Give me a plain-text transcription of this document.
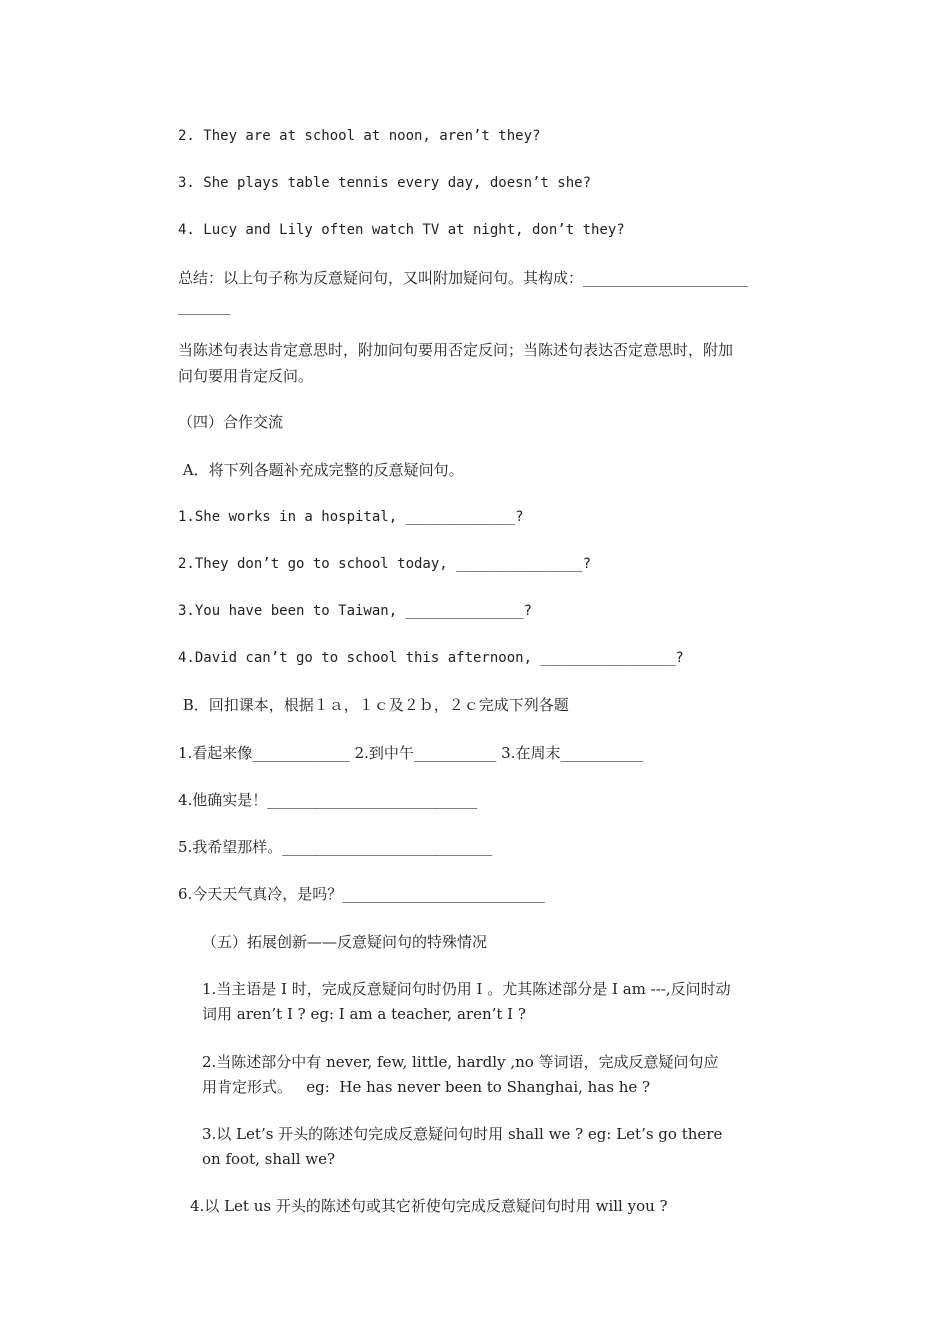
2. They are at school at noon, aren’t they?
3. She plays table tennis every day, doesn’t she?
4. Lucy and Lily often watch TV at night, don’t they?
总结：以上句子称为反意疑问句，又叫附加疑问句。其构成：______________________
_______
当陈述句表达肯定意思时，附加问句要用否定反问；当陈述句表达否定意思时，附加
问句要用肯定反问。
（四）合作交流
A．将下列各题补充成完整的反意疑问句。
1.She works in a hospital, _____________?
2.They don’t go to school today, _______________?
3.You have been to Taiwan, ______________?
4.David can’t go to school this afternoon, ________________?
B．回扣课本，根据１ａ，１ｃ及２ｂ，２ｃ完成下列各题
1.看起来像_____________ 2.到中午___________ 3.在周末___________
4.他确实是！____________________________
5.我希望那样。____________________________
6.今天天气真冷，是吗？___________________________
（五）拓展创新——反意疑问句的特殊情况
1.当主语是 I 时，完成反意疑问句时仍用 I 。尤其陈述部分是 I am ---,反问时动
词用 aren’t I ? eg: I am a teacher, aren’t I ?
2.当陈述部分中有 never, few, little, hardly ,no 等词语，完成反意疑问句应
用肯定形式。   eg:  He has never been to Shanghai, has he ?
3.以 Let’s 开头的陈述句完成反意疑问句时用 shall we ? eg: Let’s go there
on foot, shall we?
4.以 Let us 开头的陈述句或其它祈使句完成反意疑问句时用 will you ?
